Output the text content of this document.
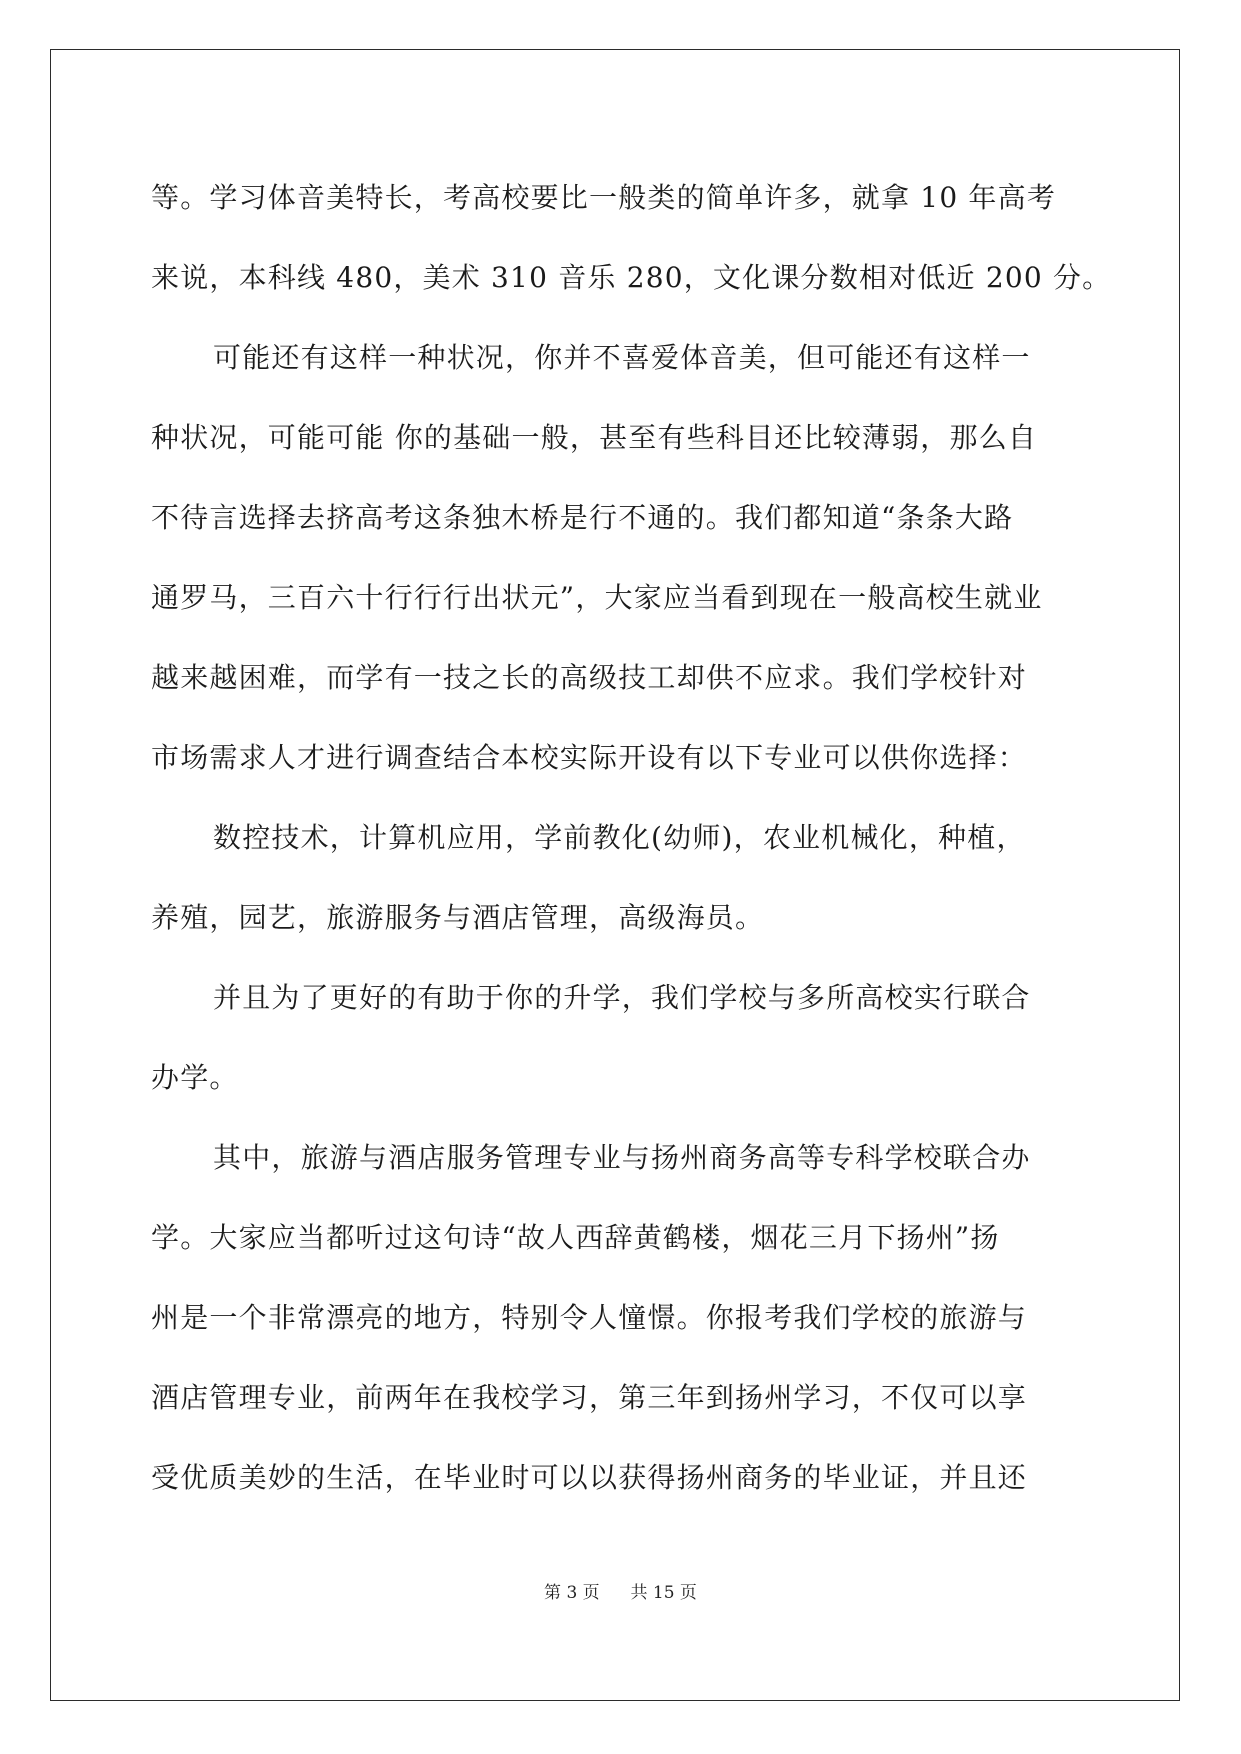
等。学习体音美特长，考高校要比一般类的简单许多，就拿 10 年高考
来说，本科线 480，美术 310 音乐 280，文化课分数相对低近 200 分。
可能还有这样一种状况，你并不喜爱体音美，但可能还有这样一
种状况，可能可能 你的基础一般，甚至有些科目还比较薄弱，那么自
不待言选择去挤高考这条独木桥是行不通的。我们都知道“条条大路
通罗马，三百六十行行行出状元”，大家应当看到现在一般高校生就业
越来越困难，而学有一技之长的高级技工却供不应求。我们学校针对
市场需求人才进行调查结合本校实际开设有以下专业可以供你选择：
数控技术，计算机应用，学前教化(幼师)，农业机械化，种植，
养殖，园艺，旅游服务与酒店管理，高级海员。
并且为了更好的有助于你的升学，我们学校与多所高校实行联合
办学。
其中，旅游与酒店服务管理专业与扬州商务高等专科学校联合办
学。大家应当都听过这句诗“故人西辞黄鹤楼，烟花三月下扬州”扬
州是一个非常漂亮的地方，特别令人憧憬。你报考我们学校的旅游与
酒店管理专业，前两年在我校学习，第三年到扬州学习，不仅可以享
受优质美妙的生活，在毕业时可以以获得扬州商务的毕业证，并且还
第 3 页 共 15 页
